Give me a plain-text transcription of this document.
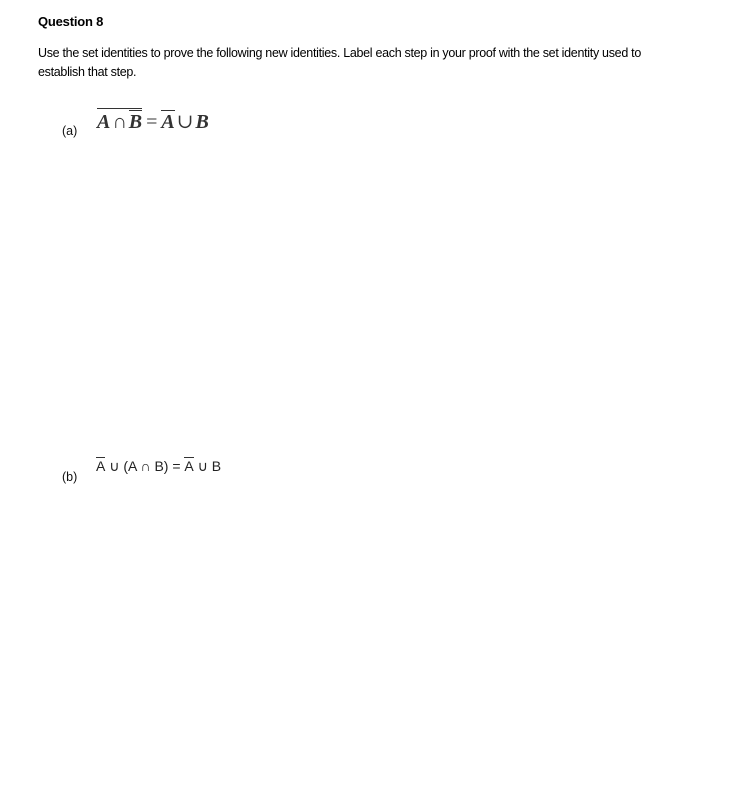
Question 8
Use the set identities to prove the following new identities. Label each step in your proof with the set identity used to establish that step.
(a) A ∩ B = A ∪ B
(b)
A ∪ (A ∩ B) = A ∪ B
